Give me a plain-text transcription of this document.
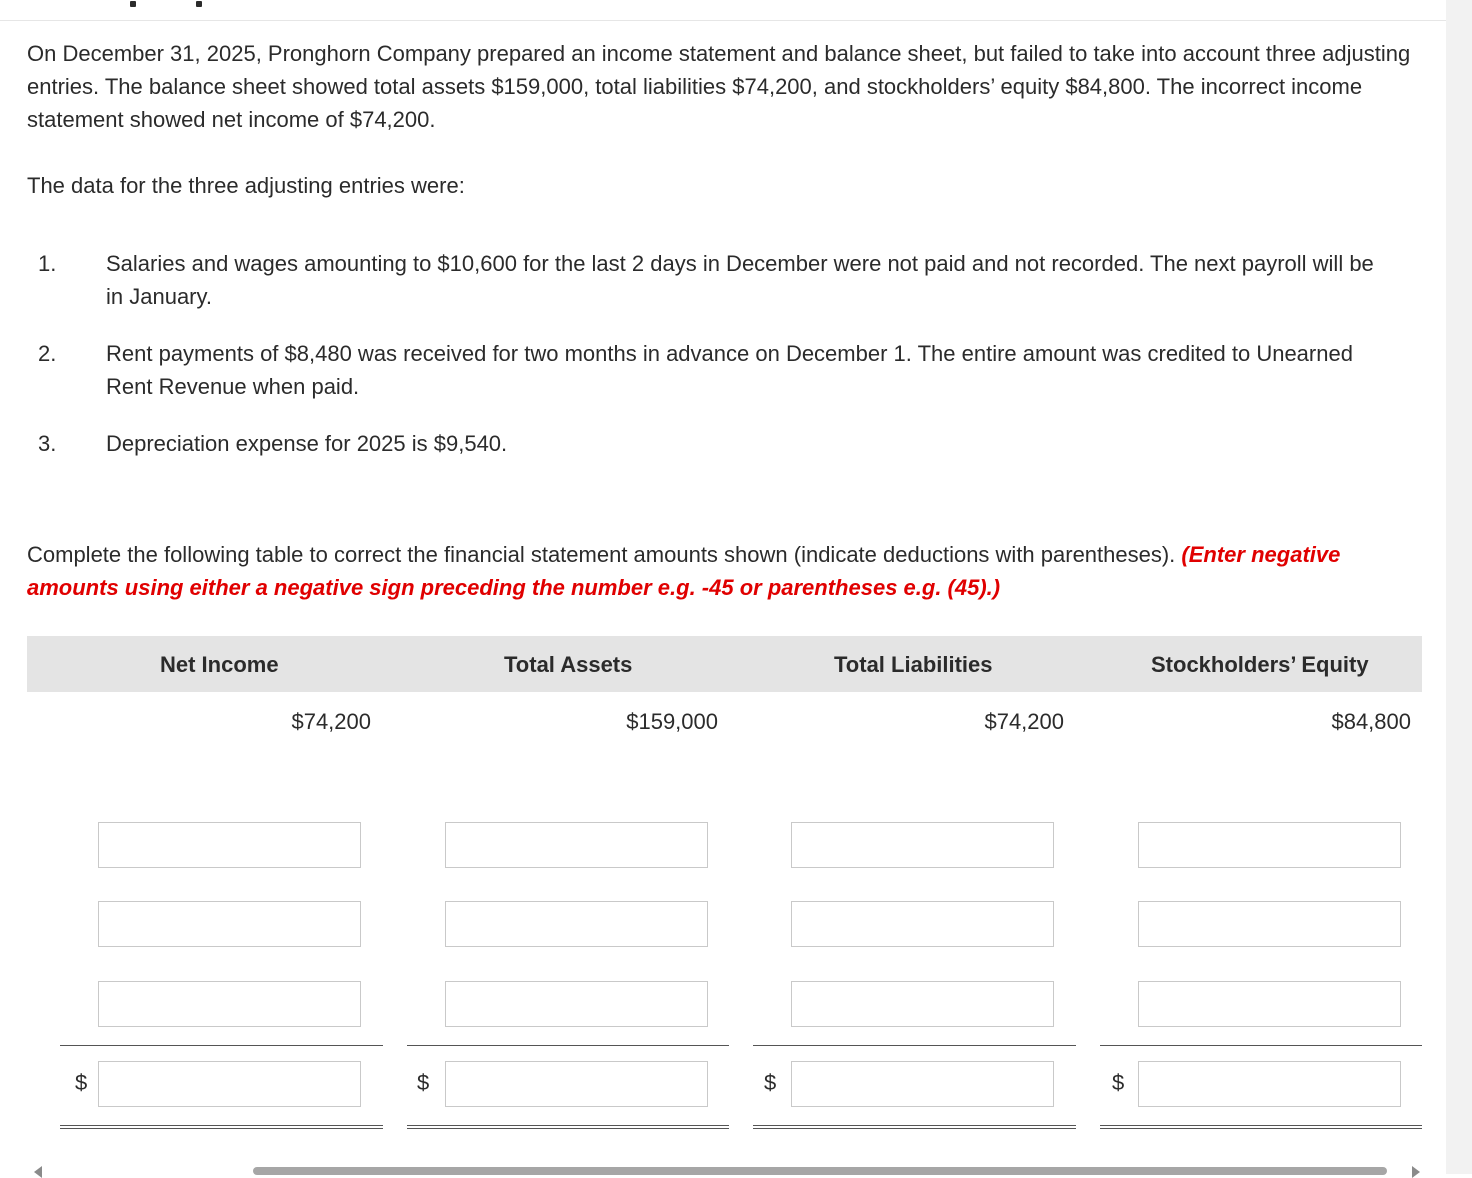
On December 31, 2025, Pronghorn Company prepared an income statement and balance sheet, but failed to take into account three adjusting entries. The balance sheet showed total assets $159,000, total liabilities $74,200, and stockholders’ equity $84,800. The incorrect income statement showed net income of $74,200.

The data for the three adjusting entries were:

1. Salaries and wages amounting to $10,600 for the last 2 days in December were not paid and not recorded. The next payroll will be in January.
2. Rent payments of $8,480 was received for two months in advance on December 1. The entire amount was credited to Unearned Rent Revenue when paid.
3. Depreciation expense for 2025 is $9,540.

Complete the following table to correct the financial statement amounts shown (indicate deductions with parentheses). (Enter negative amounts using either a negative sign preceding the number e.g. -45 or parentheses e.g. (45).)

Net Income	Total Assets	Total Liabilities	Stockholders’ Equity
$74,200	$159,000	$74,200	$84,800
$	$	$	$
